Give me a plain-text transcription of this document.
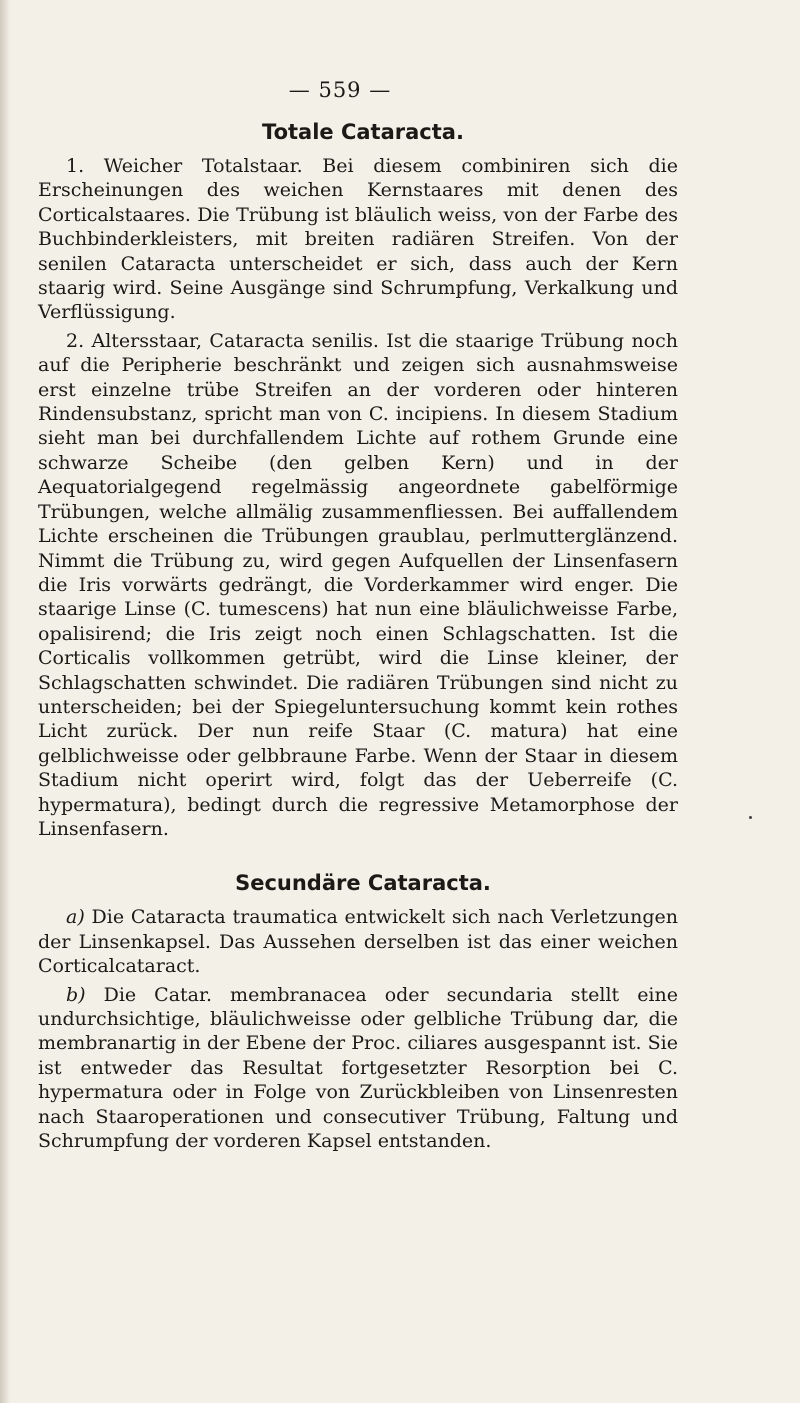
— 559 —
Totale Cataracta.

1. Weicher Totalstaar. Bei diesem combiniren sich die Erscheinungen des weichen Kernstaares mit denen des Corticalstaares. Die Trübung ist bläulich weiss, von der Farbe des Buchbinderkleisters, mit breiten radiären Streifen. Von der senilen Cataracta unterscheidet er sich, dass auch der Kern staarig wird. Seine Ausgänge sind Schrumpfung, Verkalkung und Verflüssigung.

2. Altersstaar, Cataracta senilis. Ist die staarige Trübung noch auf die Peripherie beschränkt und zeigen sich ausnahmsweise erst einzelne trübe Streifen an der vorderen oder hinteren Rindensubstanz, spricht man von C. incipiens. In diesem Stadium sieht man bei durchfallendem Lichte auf rothem Grunde eine schwarze Scheibe (den gelben Kern) und in der Aequatorialgegend regelmässig angeordnete gabelförmige Trübungen, welche allmälig zusammenfliessen. Bei auffallendem Lichte erscheinen die Trübungen graublau, perlmutterglänzend. Nimmt die Trübung zu, wird gegen Aufquellen der Linsenfasern die Iris vorwärts gedrängt, die Vorderkammer wird enger. Die staarige Linse (C. tumescens) hat nun eine bläulichweisse Farbe, opalisirend; die Iris zeigt noch einen Schlagschatten. Ist die Corticalis vollkommen getrübt, wird die Linse kleiner, der Schlagschatten schwindet. Die radiären Trübungen sind nicht zu unterscheiden; bei der Spiegeluntersuchung kommt kein rothes Licht zurück. Der nun reife Staar (C. matura) hat eine gelblichweisse oder gelbbraune Farbe. Wenn der Staar in diesem Stadium nicht operirt wird, folgt das der Ueberreife (C. hypermatura), bedingt durch die regressive Metamorphose der Linsenfasern.

Secundäre Cataracta.

a) Die Cataracta traumatica entwickelt sich nach Verletzungen der Linsenkapsel. Das Aussehen derselben ist das einer weichen Corticalcataract.

b) Die Catar. membranacea oder secundaria stellt eine undurchsichtige, bläulichweisse oder gelbliche Trübung dar, die membranartig in der Ebene der Proc. ciliares ausgespannt ist. Sie ist entweder das Resultat fortgesetzter Resorption bei C. hypermatura oder in Folge von Zurückbleiben von Linsenresten nach Staaroperationen und consecutiver Trübung, Faltung und Schrumpfung der vorderen Kapsel entstanden.
